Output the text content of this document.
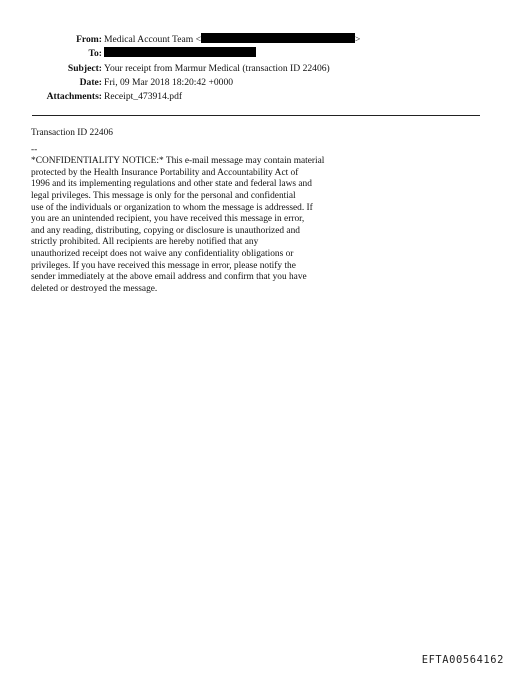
From: Medical Account Team <	>
To:
Subject: Your receipt from Marmur Medical (transaction ID 22406)
Date: Fri, 09 Mar 2018 18:20:42 +0000
Attachments: Receipt_473914.pdf
Transaction ID 22406
--
*CONFIDENTIALITY NOTICE:* This e-mail message may contain material
protected by the Health Insurance Portability and Accountability Act of
1996 and its implementing regulations and other state and federal laws and
legal privileges. This message is only for the personal and confidential
use of the individuals or organization to whom the message is addressed. If
you are an unintended recipient, you have received this message in error,
and any reading, distributing, copying or disclosure is unauthorized and
strictly prohibited. All recipients are hereby notified that any
unauthorized receipt does not waive any confidentiality obligations or
privileges. If you have received this message in error, please notify the
sender immediately at the above email address and confirm that you have
deleted or destroyed the message.
EFTA00564162
